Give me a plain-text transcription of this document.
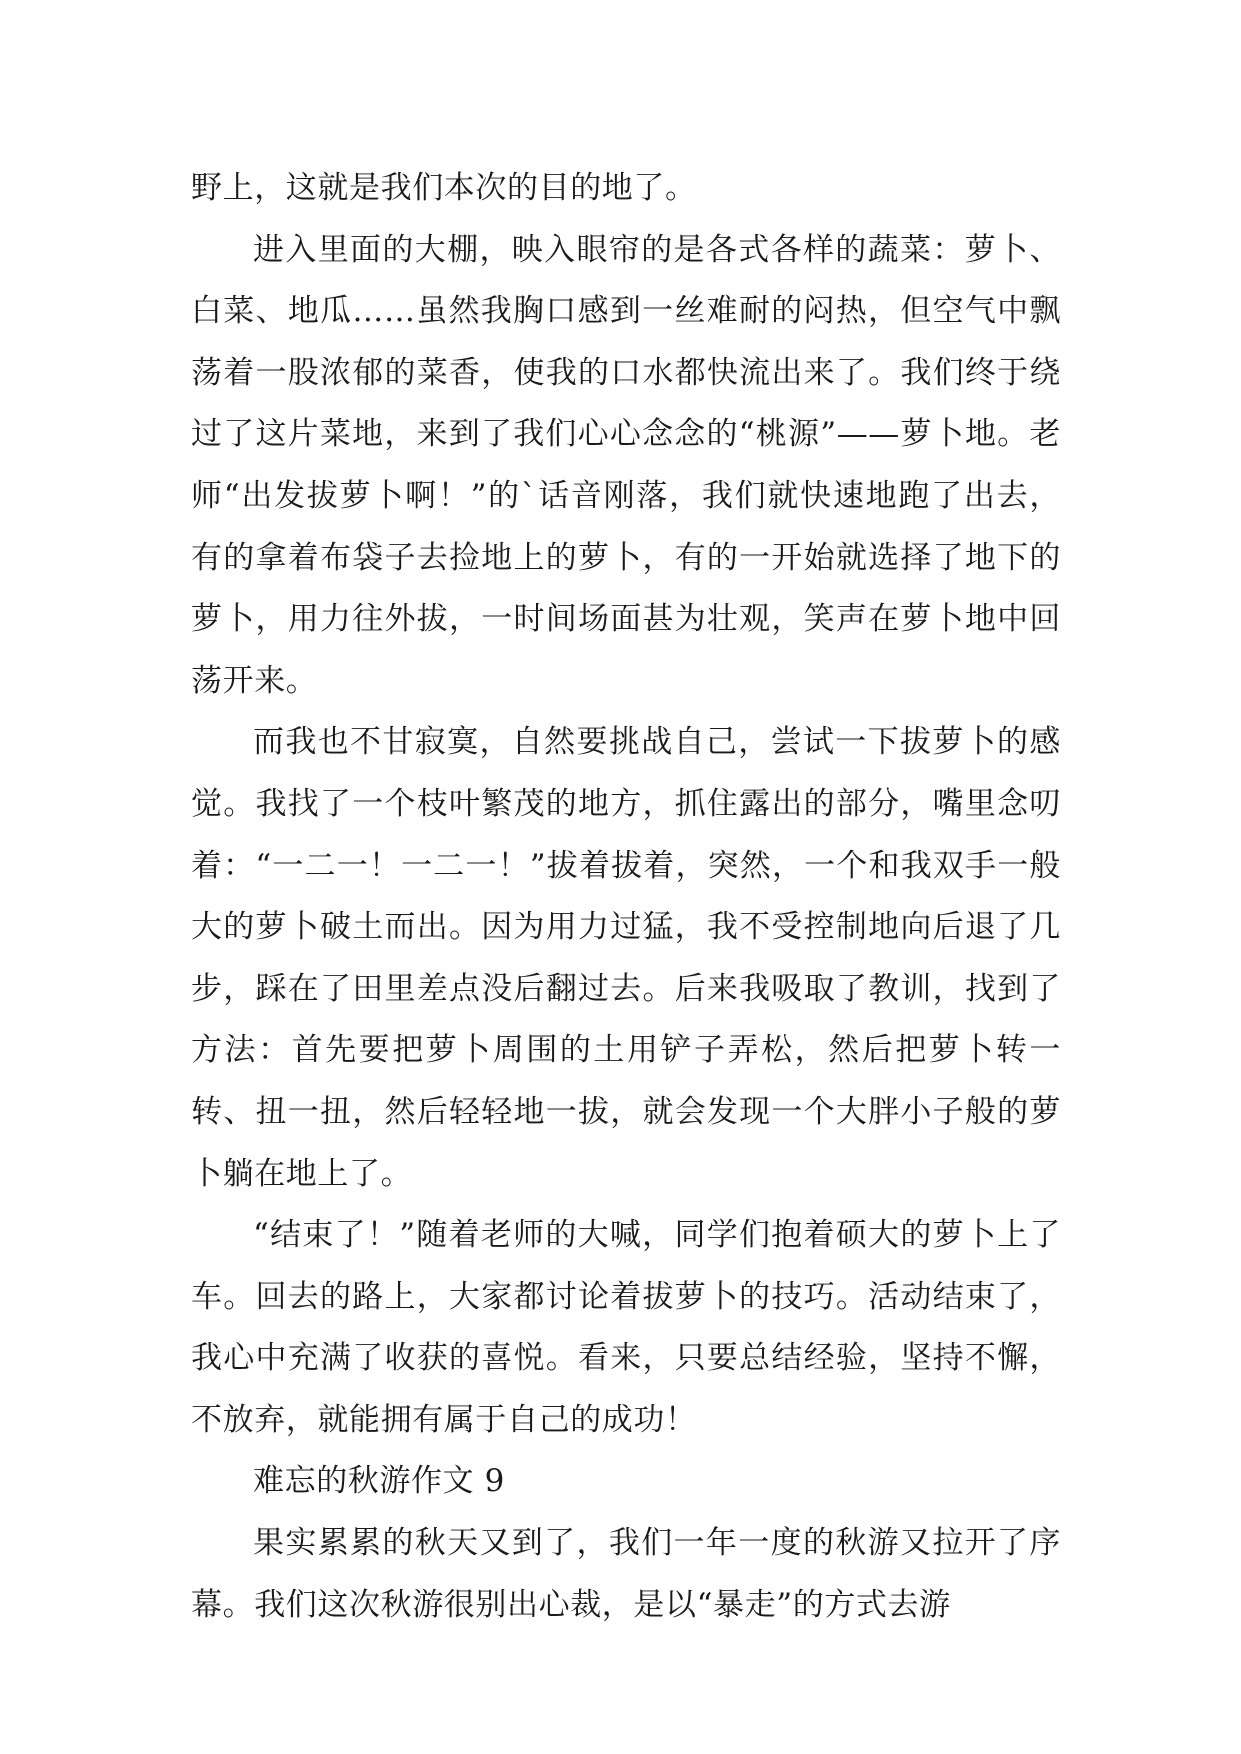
野上，这就是我们本次的目的地了。

进入里面的大棚，映入眼帘的是各式各样的蔬菜：萝卜、白菜、地瓜……虽然我胸口感到一丝难耐的闷热，但空气中飘荡着一股浓郁的菜香，使我的口水都快流出来了。我们终于绕过了这片菜地，来到了我们心心念念的“桃源”——萝卜地。老师“出发拔萝卜啊！”的`话音刚落，我们就快速地跑了出去，有的拿着布袋子去捡地上的萝卜，有的一开始就选择了地下的萝卜，用力往外拔，一时间场面甚为壮观，笑声在萝卜地中回荡开来。

而我也不甘寂寞，自然要挑战自己，尝试一下拔萝卜的感觉。我找了一个枝叶繁茂的地方，抓住露出的部分，嘴里念叨着：“一二一！一二一！”拔着拔着，突然，一个和我双手一般大的萝卜破土而出。因为用力过猛，我不受控制地向后退了几步，踩在了田里差点没后翻过去。后来我吸取了教训，找到了方法：首先要把萝卜周围的土用铲子弄松，然后把萝卜转一转、扭一扭，然后轻轻地一拔，就会发现一个大胖小子般的萝卜躺在地上了。

“结束了！”随着老师的大喊，同学们抱着硕大的萝卜上了车。回去的路上，大家都讨论着拔萝卜的技巧。活动结束了，我心中充满了收获的喜悦。看来，只要总结经验，坚持不懈，不放弃，就能拥有属于自己的成功！

难忘的秋游作文 9

果实累累的秋天又到了，我们一年一度的秋游又拉开了序幕。我们这次秋游很别出心裁，是以“暴走”的方式去游
